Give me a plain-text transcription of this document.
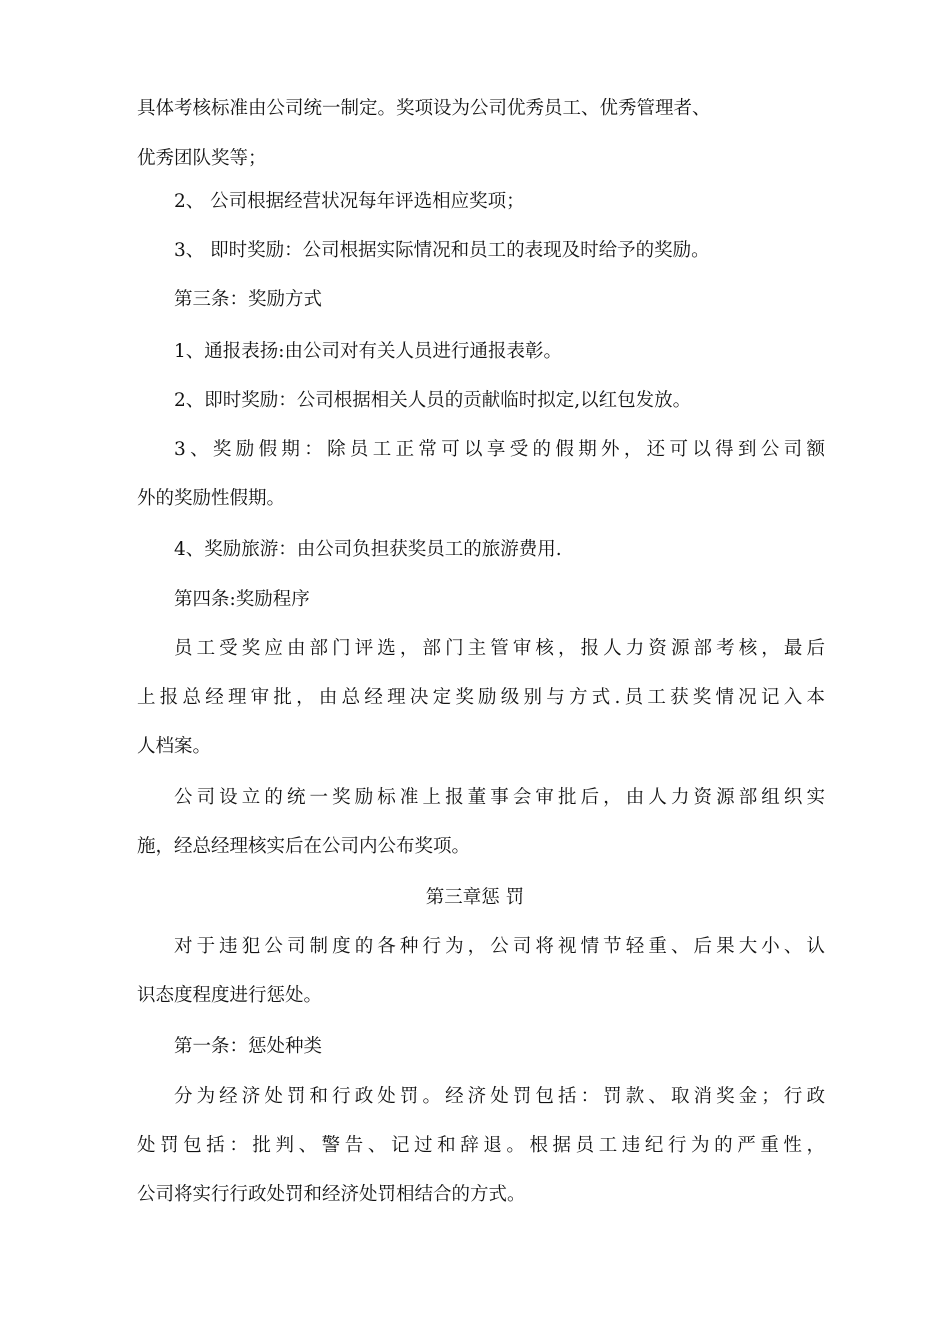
具体考核标准由公司统一制定。奖项设为公司优秀员工、优秀管理者、
优秀团队奖等；
2、 公司根据经营状况每年评选相应奖项；
3、 即时奖励：公司根据实际情况和员工的表现及时给予的奖励。
第三条：奖励方式
1、通报表扬:由公司对有关人员进行通报表彰。
2、即时奖励：公司根据相关人员的贡献临时拟定,以红包发放。
3、奖励假期：除员工正常可以享受的假期外，还可以得到公司额
外的奖励性假期。
4、奖励旅游：由公司负担获奖员工的旅游费用.
第四条:奖励程序
员工受奖应由部门评选，部门主管审核，报人力资源部考核，最后
上报总经理审批，由总经理决定奖励级别与方式.员工获奖情况记入本
人档案。
公司设立的统一奖励标准上报董事会审批后，由人力资源部组织实
施，经总经理核实后在公司内公布奖项。
第三章惩 罚
对于违犯公司制度的各种行为，公司将视情节轻重、后果大小、认
识态度程度进行惩处。
第一条：惩处种类
分为经济处罚和行政处罚。经济处罚包括：罚款、取消奖金；行政
处罚包括：批判、警告、记过和辞退。根据员工违纪行为的严重性，
公司将实行行政处罚和经济处罚相结合的方式。
